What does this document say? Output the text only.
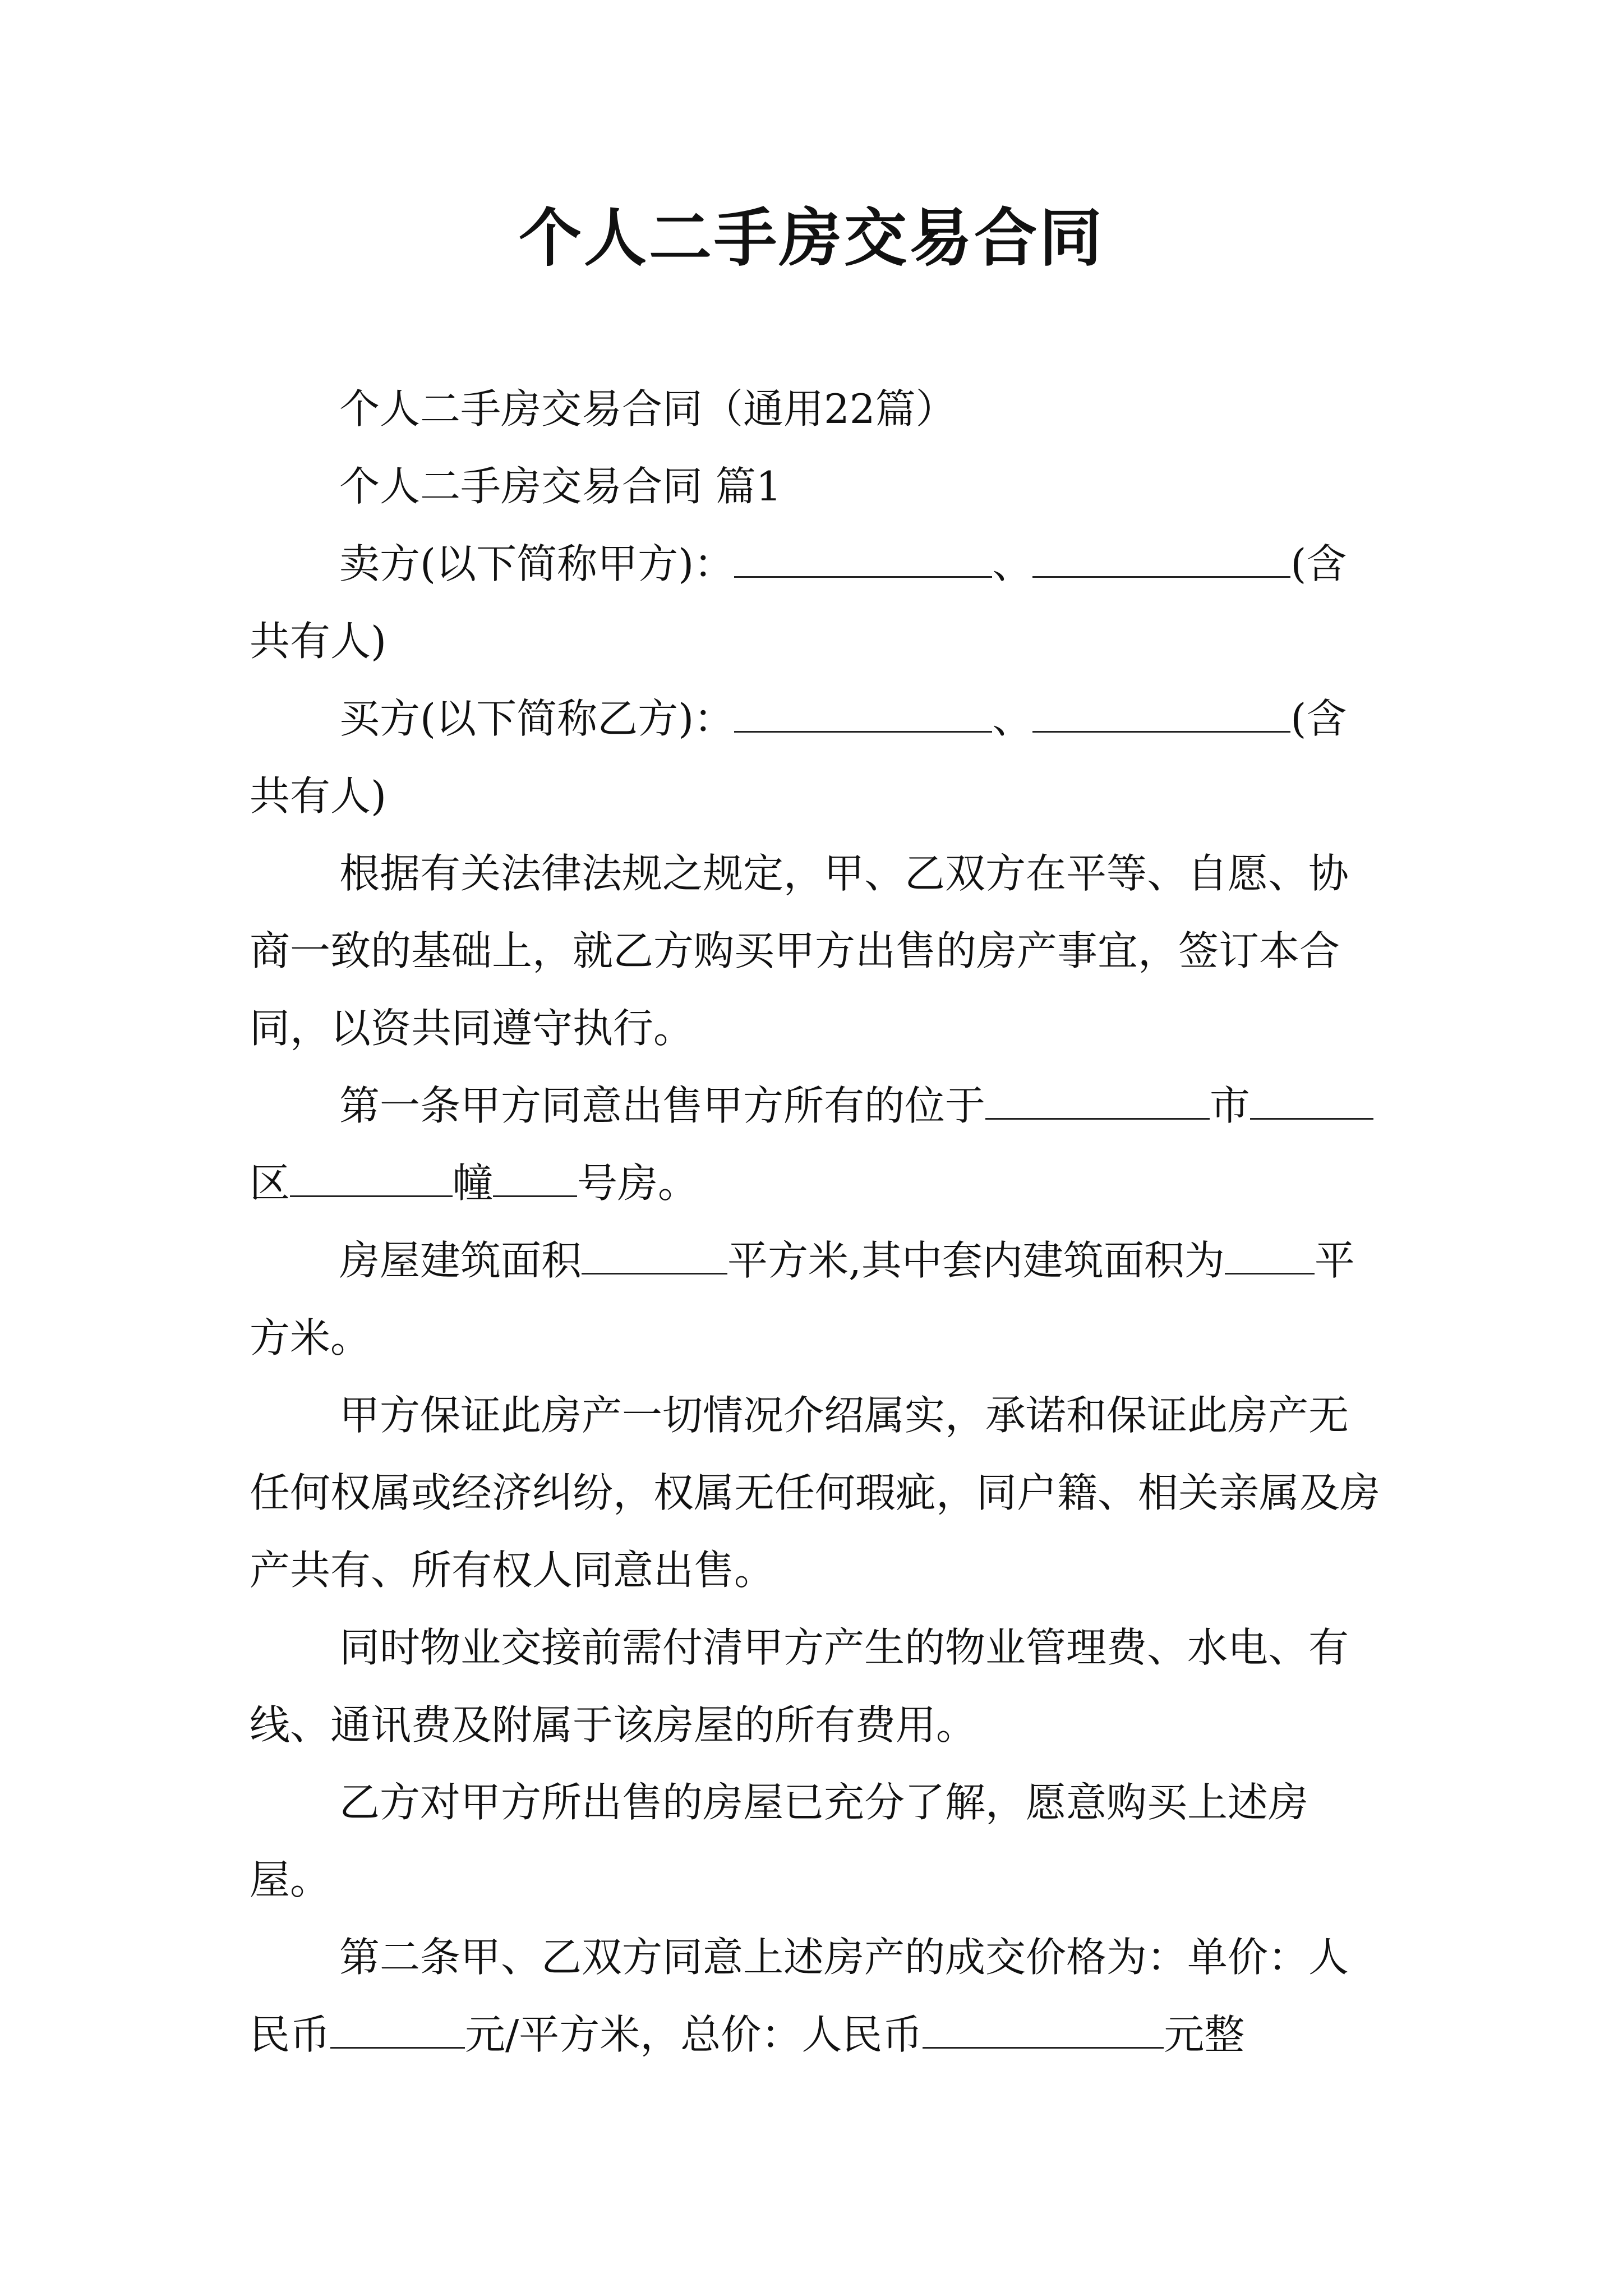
个人二手房交易合同

个人二手房交易合同（通用22篇）

个人二手房交易合同 篇1

卖方(以下简称甲方)：	、	(含共有人)

买方(以下简称乙方)：	、	(含共有人)

根据有关法律法规之规定，甲、乙双方在平等、自愿、协商一致的基础上，就乙方购买甲方出售的房产事宜，签订本合同，以资共同遵守执行。

第一条甲方同意出售甲方所有的位于	市区	幢 号房。

房屋建筑面积	平方米,其中套内建筑面积为 平方米。

甲方保证此房产一切情况介绍属实，承诺和保证此房产无任何权属或经济纠纷，权属无任何瑕疵，同户籍、相关亲属及房产共有、所有权人同意出售。

同时物业交接前需付清甲方产生的物业管理费、水电、有线、通讯费及附属于该房屋的所有费用。

乙方对甲方所出售的房屋已充分了解，愿意购买上述房屋。

第二条甲、乙双方同意上述房产的成交价格为：单价：人民币	元/平方米，总价：人民币	元整
